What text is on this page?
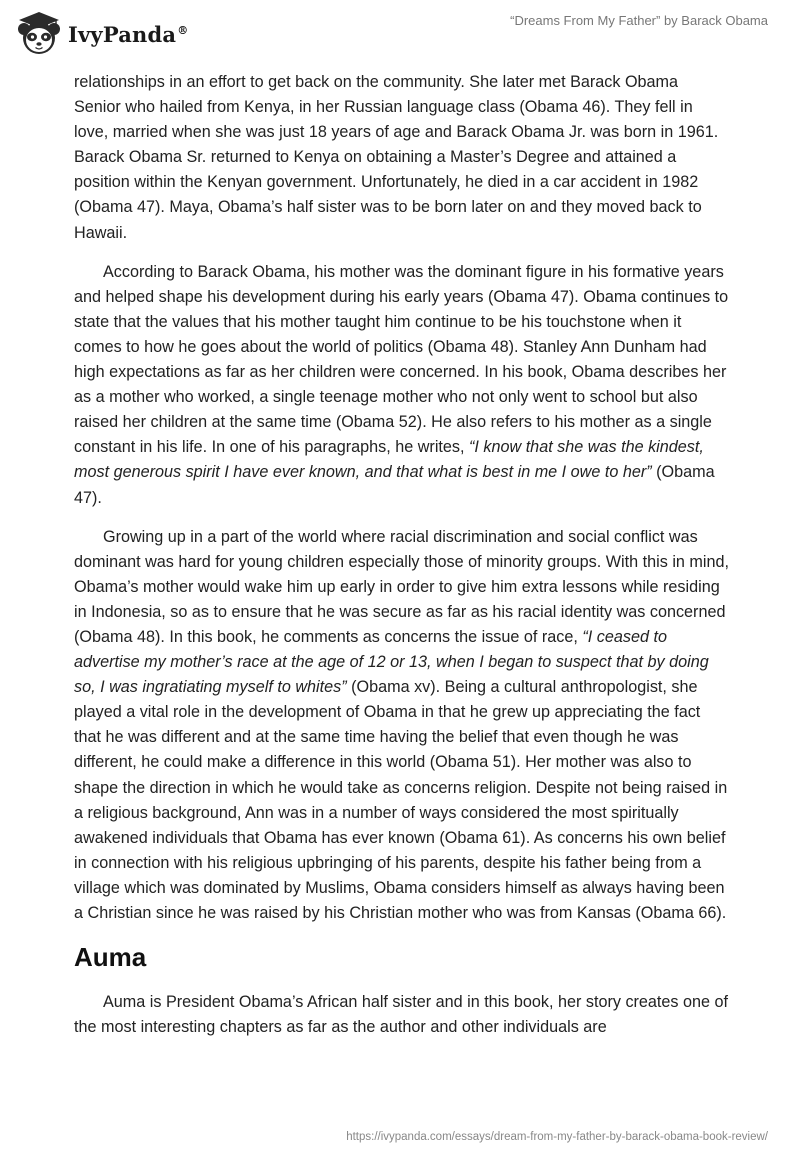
IvyPanda®
“Dreams From My Father” by Barack Obama

relationships in an effort to get back on the community. She later met Barack Obama Senior who hailed from Kenya, in her Russian language class (Obama 46). They fell in love, married when she was just 18 years of age and Barack Obama Jr. was born in 1961. Barack Obama Sr. returned to Kenya on obtaining a Master’s Degree and attained a position within the Kenyan government. Unfortunately, he died in a car accident in 1982 (Obama 47). Maya, Obama’s half sister was to be born later on and they moved back to Hawaii.

According to Barack Obama, his mother was the dominant figure in his formative years and helped shape his development during his early years (Obama 47). Obama continues to state that the values that his mother taught him continue to be his touchstone when it comes to how he goes about the world of politics (Obama 48). Stanley Ann Dunham had high expectations as far as her children were concerned. In his book, Obama describes her as a mother who worked, a single teenage mother who not only went to school but also raised her children at the same time (Obama 52). He also refers to his mother as a single constant in his life. In one of his paragraphs, he writes, “I know that she was the kindest, most generous spirit I have ever known, and that what is best in me I owe to her” (Obama 47).

Growing up in a part of the world where racial discrimination and social conflict was dominant was hard for young children especially those of minority groups. With this in mind, Obama’s mother would wake him up early in order to give him extra lessons while residing in Indonesia, so as to ensure that he was secure as far as his racial identity was concerned (Obama 48). In this book, he comments as concerns the issue of race, “I ceased to advertise my mother’s race at the age of 12 or 13, when I began to suspect that by doing so, I was ingratiating myself to whites” (Obama xv). Being a cultural anthropologist, she played a vital role in the development of Obama in that he grew up appreciating the fact that he was different and at the same time having the belief that even though he was different, he could make a difference in this world (Obama 51). Her mother was also to shape the direction in which he would take as concerns religion. Despite not being raised in a religious background, Ann was in a number of ways considered the most spiritually awakened individuals that Obama has ever known (Obama 61). As concerns his own belief in connection with his religious upbringing of his parents, despite his father being from a village which was dominated by Muslims, Obama considers himself as always having been a Christian since he was raised by his Christian mother who was from Kansas (Obama 66).

Auma

Auma is President Obama’s African half sister and in this book, her story creates one of the most interesting chapters as far as the author and other individuals are

https://ivypanda.com/essays/dream-from-my-father-by-barack-obama-book-review/
